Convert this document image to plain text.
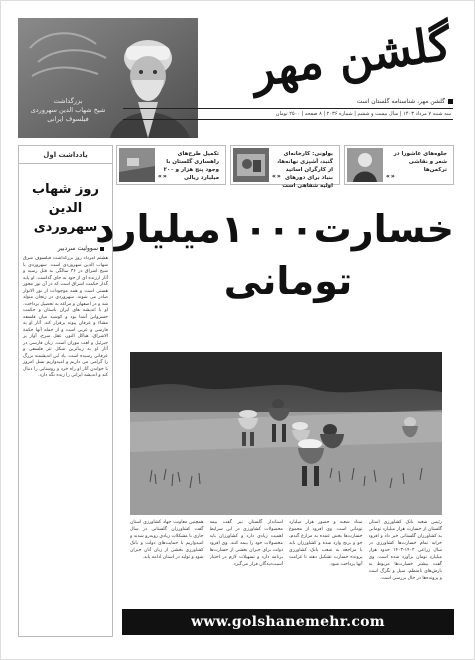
بزرگداشت
شیخ شهاب الدین سهروردی
فیلسوف ایرانی
گلشن مهر
گلشن مهر، شناسنامه گلستان است
سه شنبه ۷ مرداد ۱۴۰۳ | سال بیست و ششم | شماره ۲۰۳۶ | ۸ صفحه | ۲۵۰۰ تومان
جلوه‌های عاشورا در شعر و نقاشی ترکمن‌ها
«»
بولونی: کارخانه‌ای گنبد، آشپزی نهانه‌ها، از کارگران اساتید بنیاد برای دورهای اولیه شفاهی است
«»
تکمیل طرح‌های راهسازی گلستان با وجود پنج هزار و ۲۰۰ میلیارد ریالی
«»
یادداشت اول
روز شهاب الدین
سهروردی
سوولیت سردبیر
هشتم امرداد روز بزرگداشت فیلسوف شرق شهاب الدین سهروردی است. سهروردی یا شیخ اشراق در ۳۶ سالگی به قتل رسید و آثار ارزنده ای از خود به جای گذاشت. او پایه گذار حکمت اشراق است که در آن نور محور هستی است و همه موجودات از نور الانوار صادر می شوند. سهروردی در زنجان متولد شد و در اصفهان و مراغه به تحصیل پرداخت. او با اندیشه های ایران باستان و حکمت خسروانی آشنا بود و کوشید میان فلسفه مشاء و عرفان پیوند برقرار کند. آثار او به فارسی و عربی است و از جمله آنها حکمة الاشراق، هیاکل النور، عقل سرخ، آواز پر جبرئیل و لغت موران است. زبان فارسی در آثار او به زیباترین شکل نثر فلسفی و عرفانی رسیده است. یاد این اندیشمند بزرگ را گرامی می داریم و امیدواریم نسل امروز با خواندن آثار او راه خرد و روشنایی را دنبال کند و اندیشه ایرانی را زنده نگه دارد.
خسارت۱۰۰۰میلیارد
تومانی
رئیس شعبه بانک کشاورزی استان گلستان از خسارت هزار میلیارد تومانی به کشاورزان گلستانی خبر داد و افزود خرابه تمام خسارت‌ها کشاورزی در سال زراعی ۱۴۰۲-۱۴۰۳ حدود هزار میلیارد تومان برآورد شده است. وی گفت بیشتر خسارت‌ها مربوط به بارش‌های نامنظم، سیل و تگرگ است و پرونده‌ها در حال بررسی است.
ستاد شعبه و حضور هزار میلیارد تومانی است. وی افزود از مجموع خسارت‌ها بخش عمده به مزارع گندم، جو و برنج وارد شده و کشاورزان باید با مراجعه به شعب بانک کشاورزی پرونده خسارت تشکیل دهند تا غرامت آنها پرداخت شود.
استاندار گلستان نیز گفت بیمه محصولات کشاورزی در این شرایط اهمیت زیادی دارد و کشاورزان باید محصولات خود را بیمه کنند. وی افزود دولت برای جبران بخشی از خسارت‌ها برنامه دارد و تسهیلات لازم در اختیار آسیب‌دیدگان قرار می‌گیرد.
همچنین معاونت جهاد کشاورزی استان گفت کشاورزان گلستانی در سال جاری با مشکلات زیادی روبه‌رو شدند و امیدواریم با حمایت‌های دولت و بانک کشاورزی بخشی از زیان آنان جبران شود و تولید در استان ادامه یابد.
www.golshanemehr.com
